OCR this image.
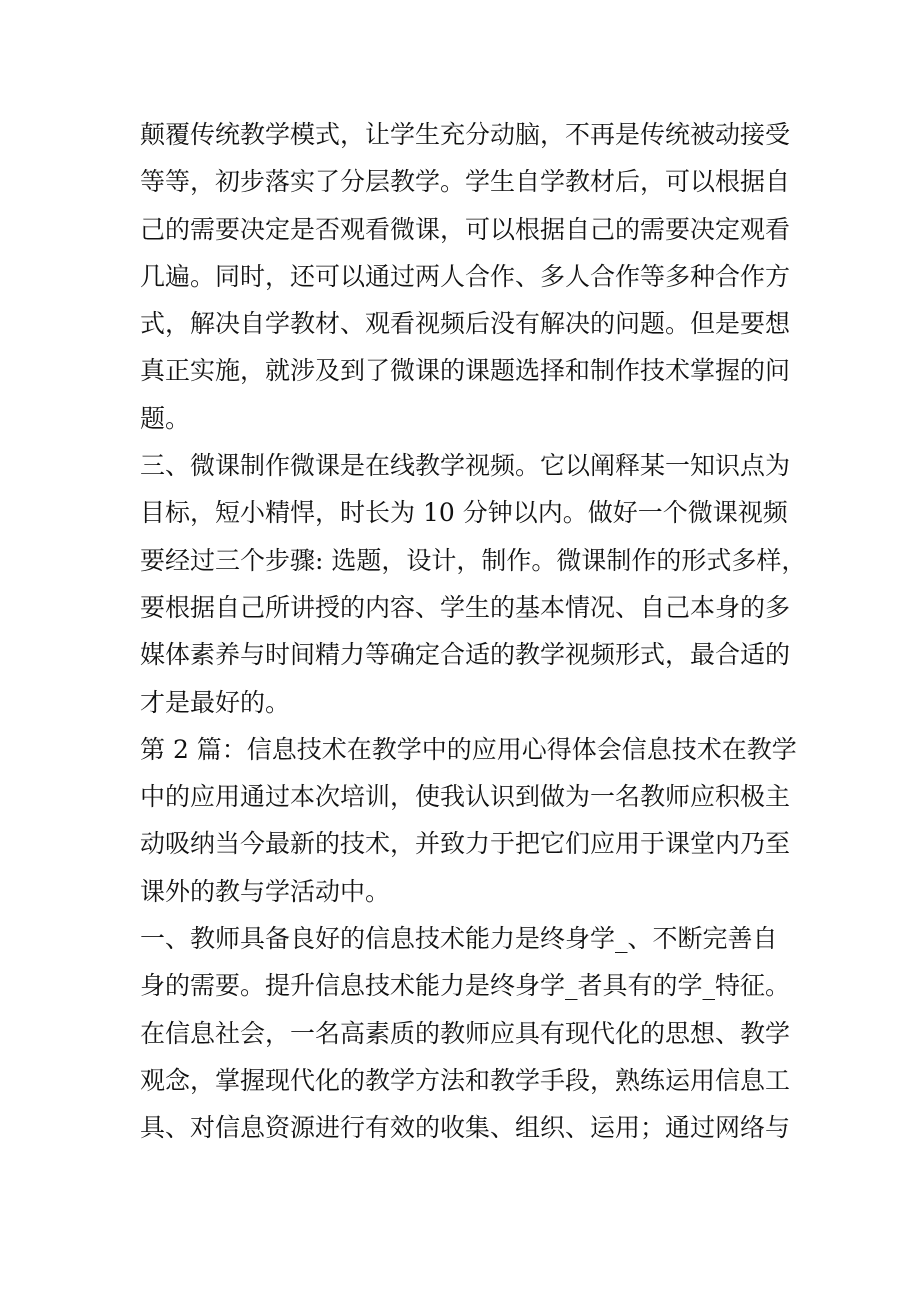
颠覆传统教学模式，让学生充分动脑，不再是传统被动接受
等等，初步落实了分层教学。学生自学教材后，可以根据自
己的需要决定是否观看微课，可以根据自己的需要决定观看
几遍。同时，还可以通过两人合作、多人合作等多种合作方
式，解决自学教材、观看视频后没有解决的问题。但是要想
真正实施，就涉及到了微课的课题选择和制作技术掌握的问
题。
三、微课制作微课是在线教学视频。它以阐释某一知识点为
目标，短小精悍，时长为 10 分钟以内。做好一个微课视频
要经过三个步骤: 选题，设计，制作。微课制作的形式多样，
要根据自己所讲授的内容、学生的基本情况、自己本身的多
媒体素养与时间精力等确定合适的教学视频形式，最合适的
才是最好的。
第 2 篇：信息技术在教学中的应用心得体会信息技术在教学
中的应用通过本次培训，使我认识到做为一名教师应积极主
动吸纳当今最新的技术，并致力于把它们应用于课堂内乃至
课外的教与学活动中。
一、教师具备良好的信息技术能力是终身学_、不断完善自
身的需要。提升信息技术能力是终身学_者具有的学_特征。
在信息社会，一名高素质的教师应具有现代化的思想、教学
观念，掌握现代化的教学方法和教学手段，熟练运用信息工
具、对信息资源进行有效的收集、组织、运用；通过网络与
